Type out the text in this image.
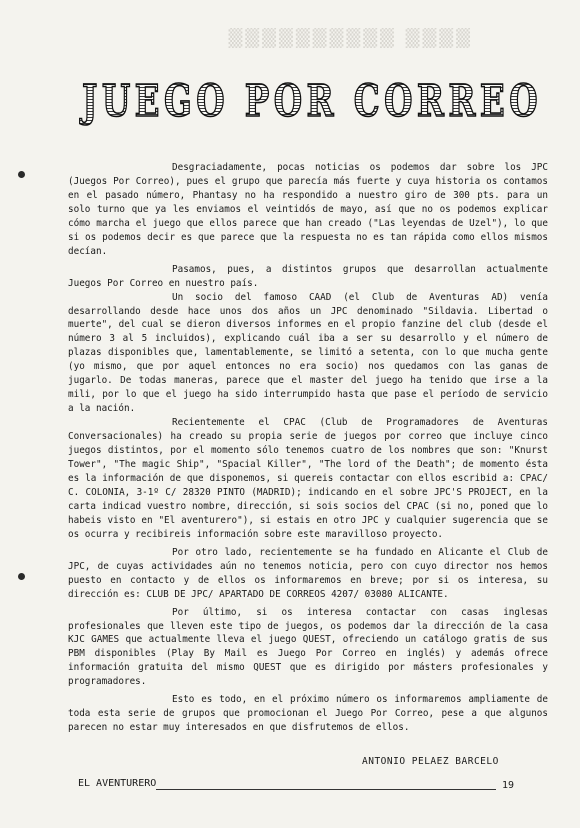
▒▒▒▒ ▒▒▒▒▒▒▒▒▒▒
JUEGO POR CORREO

Desgraciadamente, pocas noticias os podemos dar sobre los JPC (Juegos Por Correo), pues el grupo que parecía más fuerte y cuya historia os contamos en el pasado número, Phantasy no ha respondido a nuestro giro de 300 pts. para un solo turno que ya les enviamos el veintidós de mayo, así que no os podemos explicar cómo marcha el juego que ellos parece que han creado ("Las leyendas de Uzel"), lo que si os podemos decir es que parece que la respuesta no es tan rápida como ellos mismos decían.

Pasamos, pues, a distintos grupos que desarrollan actualmente Juegos Por Correo en nuestro país.

Un socio del famoso CAAD (el Club de Aventuras AD) venía desarrollando desde hace unos dos años un JPC denominado "Sildavia. Libertad o muerte", del cual se dieron diversos informes en el propio fanzine del club (desde el número 3 al 5 incluidos), explicando cuál iba a ser su desarrollo y el número de plazas disponibles que, lamentablemente, se limitó a setenta, con lo que mucha gente (yo mismo, que por aquel entonces no era socio) nos quedamos con las ganas de jugarlo. De todas maneras, parece que el master del juego ha tenido que irse a la mili, por lo que el juego ha sido interrumpido hasta que pase el período de servicio a la nación.

Recientemente el CPAC (Club de Programadores de Aventuras Conversacionales) ha creado su propia serie de juegos por correo que incluye cinco juegos distintos, por el momento sólo tenemos cuatro de los nombres que son: "Knurst Tower", "The magic Ship", "Spacial Killer", "The lord of the Death"; de momento ésta es la información de que disponemos, si quereis contactar con ellos escribid a: CPAC/ C. COLONIA, 3-1º C/ 28320 PINTO (MADRID); indicando en el sobre JPC'S PROJECT, en la carta indicad vuestro nombre, dirección, si sois socios del CPAC (si no, poned que lo habeis visto en "El aventurero"), si estais en otro JPC y cualquier sugerencia que se os ocurra y recibireis información sobre este maravilloso proyecto.

Por otro lado, recientemente se ha fundado en Alicante el Club de JPC, de cuyas actividades aún no tenemos noticia, pero con cuyo director nos hemos puesto en contacto y de ellos os informaremos en breve; por si os interesa, su dirección es: CLUB DE JPC/ APARTADO DE CORREOS 4207/ 03080 ALICANTE.

Por último, si os interesa contactar con casas inglesas profesionales que lleven este tipo de juegos, os podemos dar la dirección de la casa KJC GAMES que actualmente lleva el juego QUEST, ofreciendo un catálogo gratis de sus PBM disponibles (Play By Mail es Juego Por Correo en inglés) y además ofrece información gratuita del mismo QUEST que es dirigido por másters profesionales y programadores.

Esto es todo, en el próximo número os informaremos ampliamente de toda esta serie de grupos que promocionan el Juego Por Correo, pese a que algunos parecen no estar muy interesados en que disfrutemos de ellos.

ANTONIO PELAEZ BARCELO
EL AVENTURERO	19
